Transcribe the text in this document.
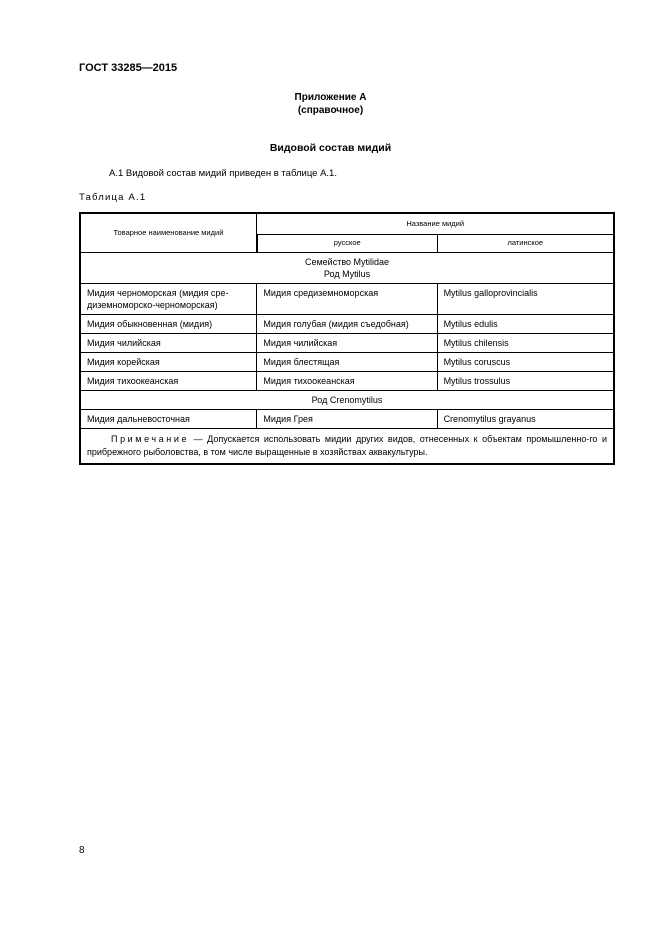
ГОСТ 33285—2015

Приложение А
(справочное)

Видовой состав мидий

А.1 Видовой состав мидий приведен в таблице А.1.

Таблица А.1

Товарное наименование мидий	Название мидий	
	русское	латинское

Семейство Mytilidae
Род Mytilus		

Мидия черноморская (мидия сре-
диземноморско-черноморская)	Мидия средиземноморская	Mytilus galloprovincialis
Мидия обыкновенная (мидия)	Мидия голубая (мидия съедобная)	Mytilus edulis
Мидия чилийская	Мидия чилийская	Mytilus chilensis
Мидия корейская	Мидия блестящая	Mytilus coruscus
Мидия тихоокеанская	Мидия тихоокеанская	Mytilus trossulus
Род Crenomytilus		
Мидия дальневосточная	Мидия Грея	Crenomytilus grayanus
Примечание — Допускается использовать мидии других видов, отнесенных к объектам промышленно-го и прибрежного рыболовства, в том числе выращенные в хозяйствах аквакультуры.		

8
